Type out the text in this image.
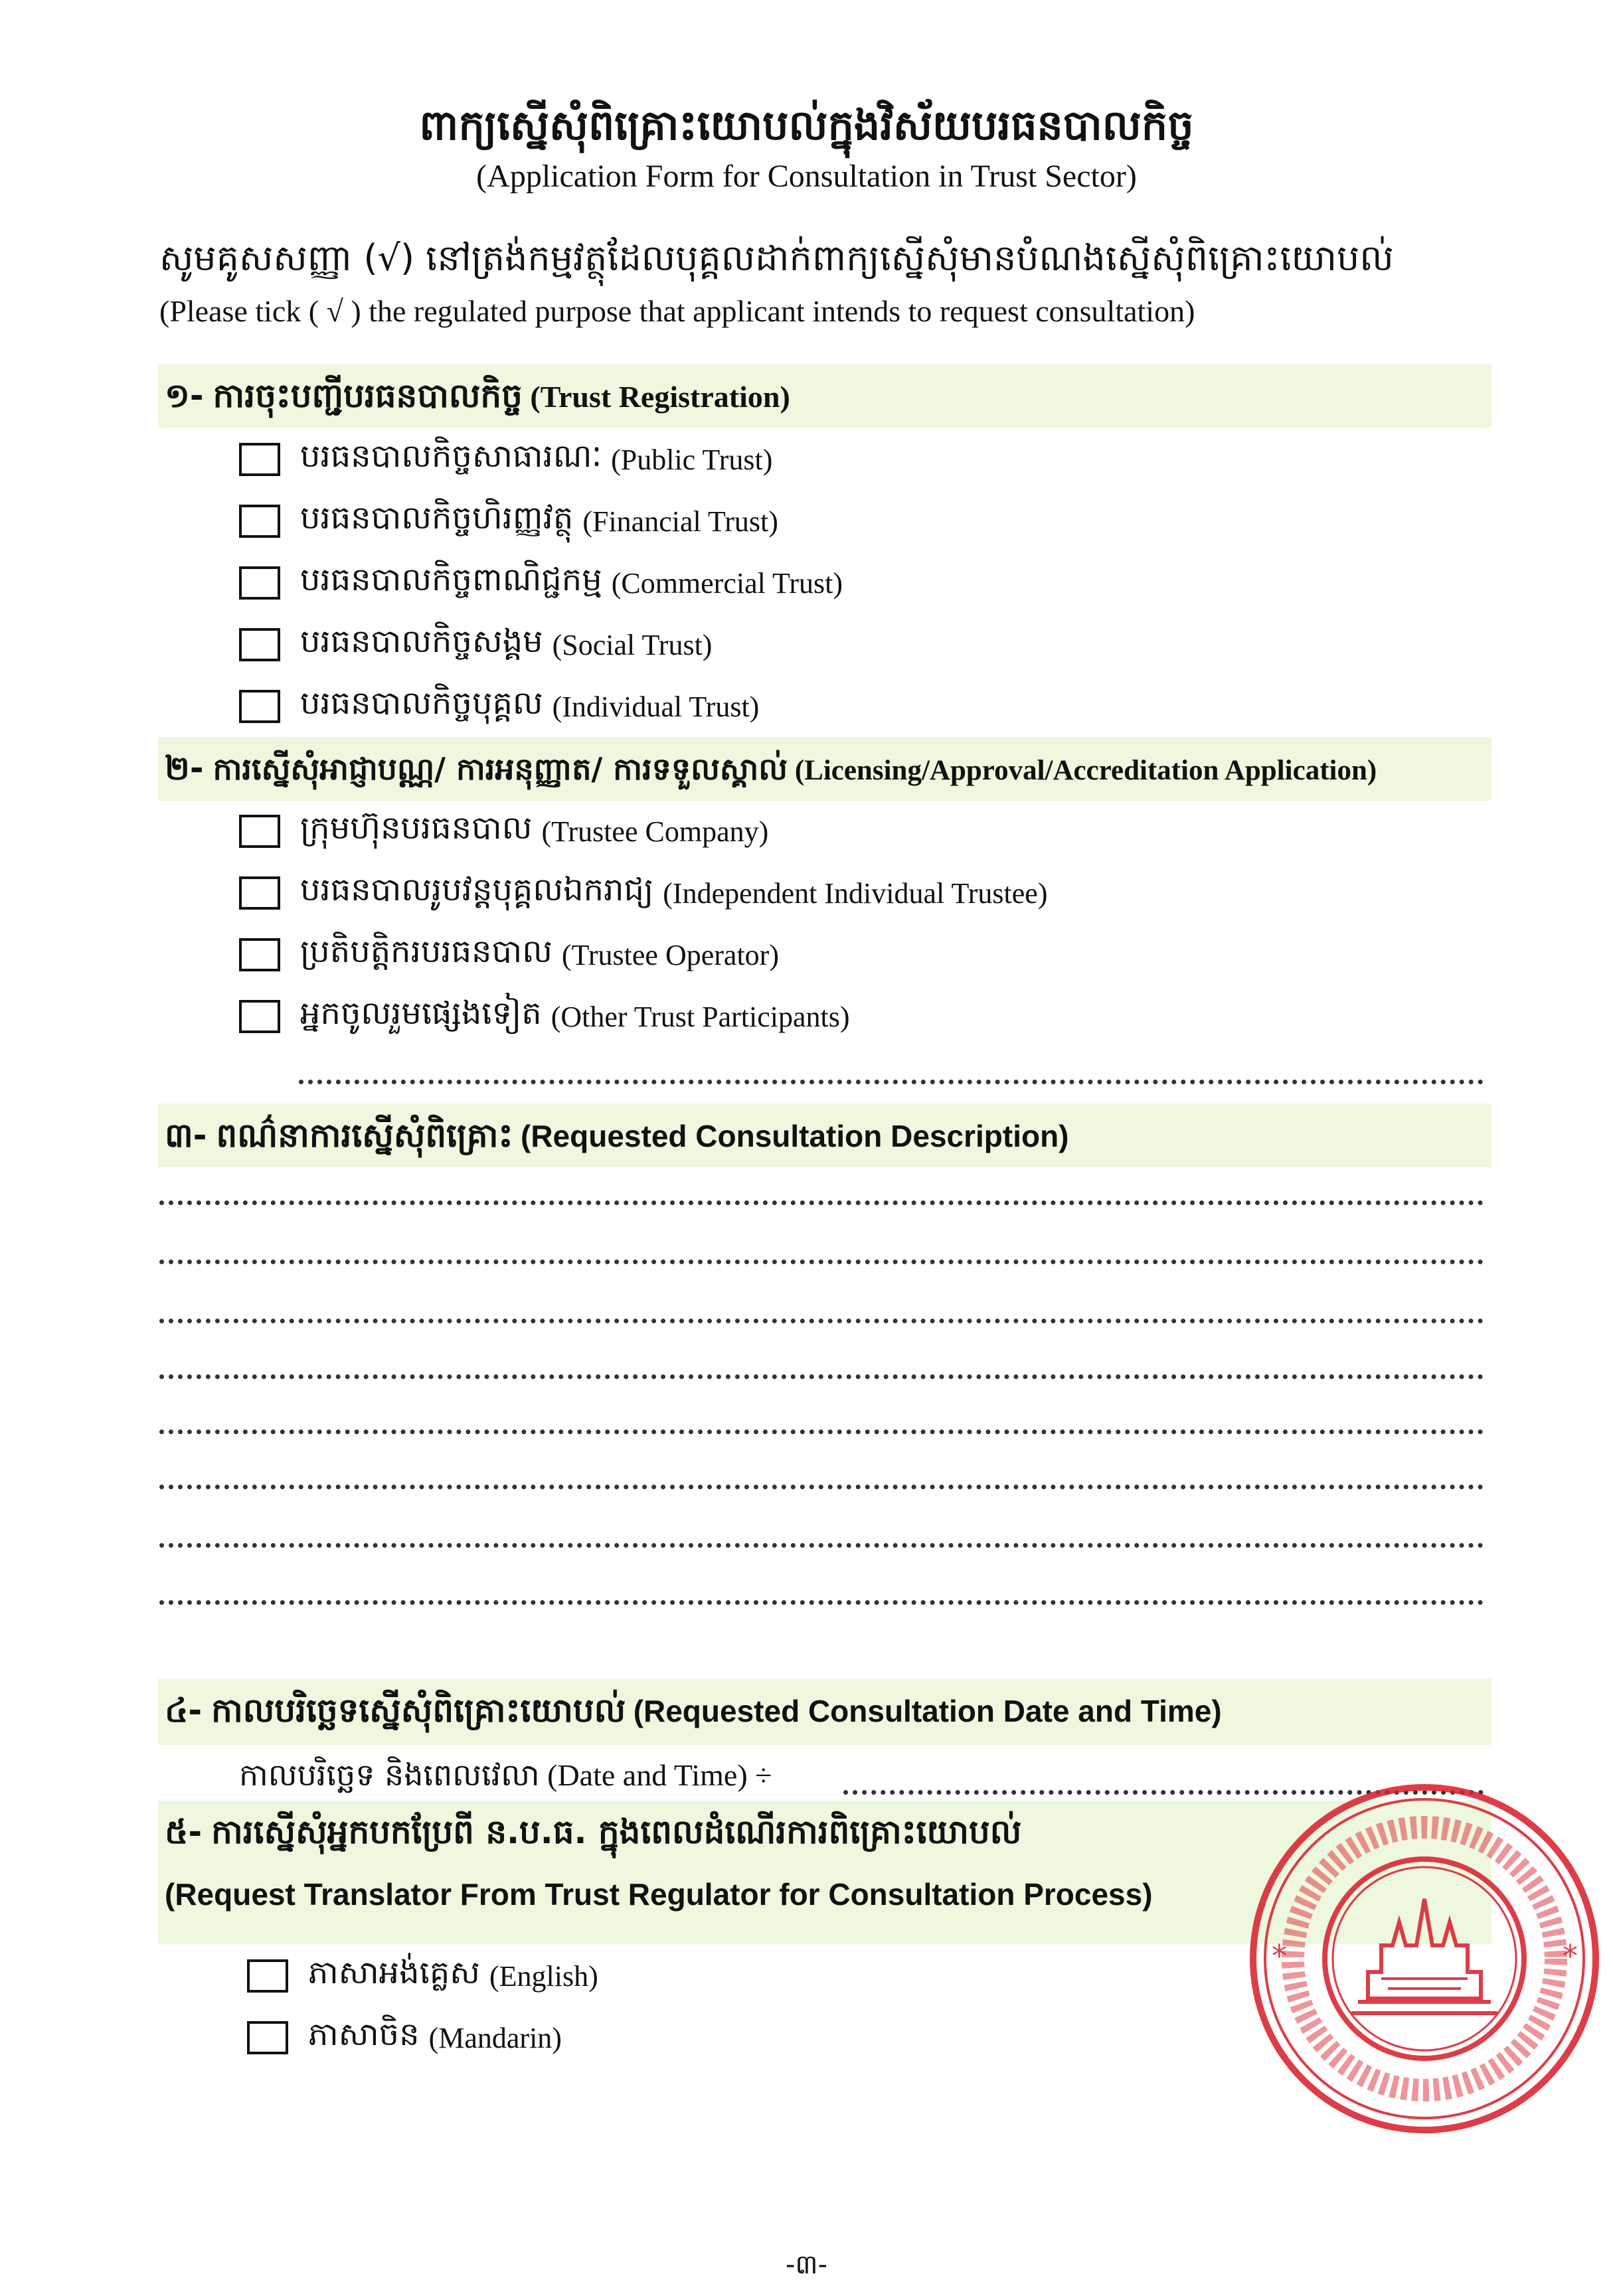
ពាក្យស្នើសុំពិគ្រោះយោបល់ក្នុងវិស័យបរធនបាលកិច្ច
(Application Form for Consultation in Trust Sector)
សូមគូសសញ្ញា (√) នៅត្រង់កម្មវត្ថុដែលបុគ្គលដាក់ពាក្យស្នើសុំមានបំណងស្នើសុំពិគ្រោះយោបល់
(Please tick ( √ ) the regulated purpose that applicant intends to request consultation)
១- ការចុះបញ្ជីបរធនបាលកិច្ច (Trust Registration)
បរធនបាលកិច្ចសាធារណៈ (Public Trust)
បរធនបាលកិច្ចហិរញ្ញវត្ថុ (Financial Trust)
បរធនបាលកិច្ចពាណិជ្ជកម្ម (Commercial Trust)
បរធនបាលកិច្ចសង្គម (Social Trust)
បរធនបាលកិច្ចបុគ្គល (Individual Trust)
២- ការស្នើសុំអាជ្ញាបណ្ណ/ ការអនុញ្ញាត/ ការទទួលស្គាល់ (Licensing/Approval/Accreditation Application)
ក្រុមហ៊ុនបរធនបាល (Trustee Company)
បរធនបាលរូបវន្តបុគ្គលឯករាជ្យ (Independent Individual Trustee)
ប្រតិបត្តិករបរធនបាល (Trustee Operator)
អ្នកចូលរួមផ្សេងទៀត (Other Trust Participants)
៣- ពណ៌នាការស្នើសុំពិគ្រោះ (Requested Consultation Description)
៤- កាលបរិច្ឆេទស្នើសុំពិគ្រោះយោបល់ (Requested Consultation Date and Time)
កាលបរិច្ឆេទ និងពេលវេលា (Date and Time) ÷
៥- ការស្នើសុំអ្នកបកប្រែពី ន.ប.ធ. ក្នុងពេលដំណើរការពិគ្រោះយោបល់
(Request Translator From Trust Regulator for Consultation Process)
ភាសាអង់គ្លេស (English)
ភាសាចិន (Mandarin)
*	*
-៣-
